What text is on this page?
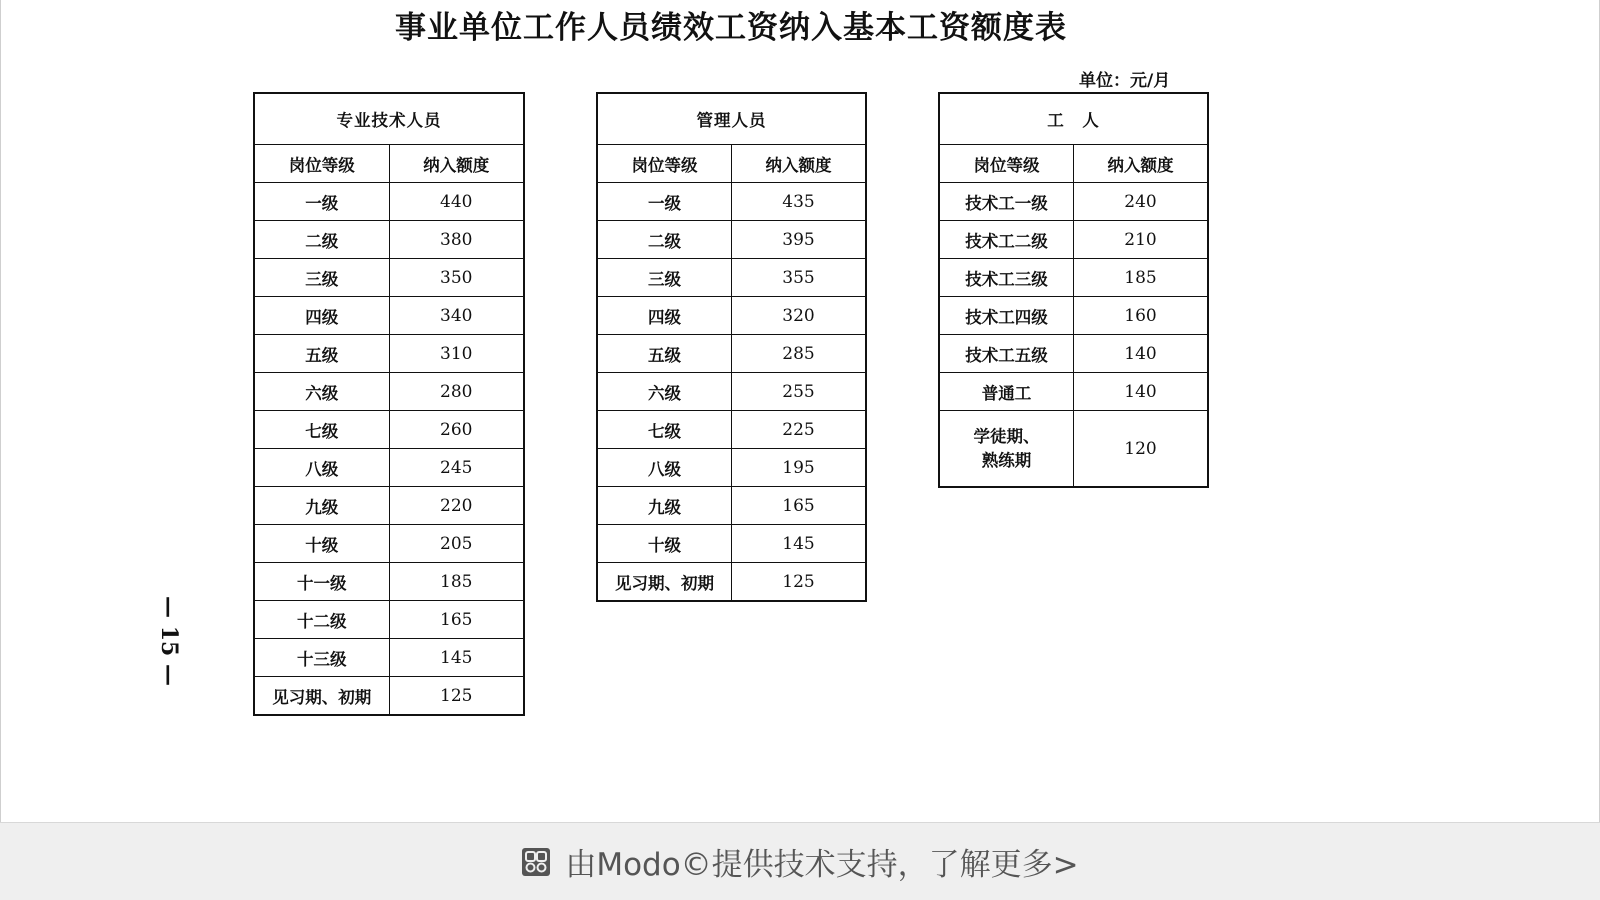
事业单位工作人员绩效工资纳入基本工资额度表
单位：元/月
— 15 —
专业技术人员	
岗位等级	纳入额度
一级	440
二级	380
三级	350
四级	340
五级	310
六级	280
七级	260
八级	245
九级	220
十级	205
十一级	185
十二级	165
十三级	145
见习期、初期	125
管理人员	
岗位等级	纳入额度
一级	435
二级	395
三级	355
四级	320
五级	285
六级	255
七级	225
八级	195
九级	165
十级	145
见习期、初期	125
工　人	
岗位等级	纳入额度
技术工一级	240
技术工二级	210
技术工三级	185
技术工四级	160
技术工五级	140
普通工	140
学徒期、
熟练期	120
由Modo©提供技术支持，了解更多>
